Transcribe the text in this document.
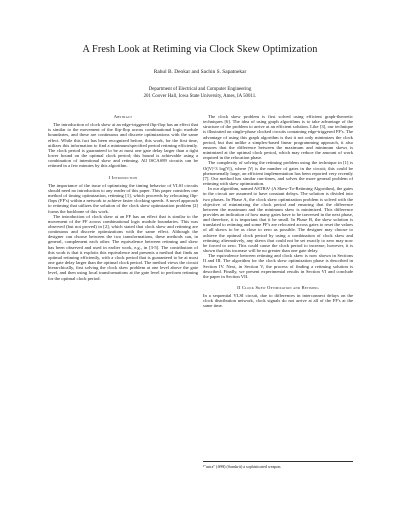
A Fresh Look at Retiming via Clock Skew Optimization
Rahul B. Deokar and Sachin S. Sapatnekar
Department of Electrical and Computer Engineering
201 Coover Hall, Iowa State University, Ames, IA 50011.
Abstract

The introduction of clock skew at an edge-triggered flip-flop has an effect that is similar to the movement of the flip-flop across combinational logic module boundaries, and these are continuous and discrete optimizations with the same effect. While this fact has been recognized before, this work, for the first time, utilizes this information to find a minimum/specified period retiming efficiently. The clock period is guaranteed to be at most one gate delay larger than a tight lower bound on the optimal clock period; this bound is achievable using a combination of intentional skew and retiming. All ISCAS89 circuits can be retimed in a few minutes by this algorithm.

I Introduction

The importance of the issue of optimizing the timing behavior of VLSI circuits should need no introduction to any reader of this paper. This paper considers one method of timing optimization, retiming [1], which proceeds by relocating flip-flops (FF's) within a network to achieve faster clocking speeds. A novel approach to retiming that utilizes the solution of the clock skew optimization problem [2] forms the backbone of this work.

The introduction of clock skew at an FF has an effect that is similar to the movement of the FF across combinational logic module boundaries. This was observed (but not proved) in [2], which stated that clock skew and retiming are continuous and discrete optimizations with the same effect. Although the designer can choose between the two transformations, these methods can, in general, complement each other. The equivalence between retiming and skew has been observed and used in earlier work, e.g., in [3-5]. The contribution of this work is that it exploits this equivalence and presents a method that finds an optimal retiming efficiently, with a clock period that is guaranteed to be at most one gate delay larger than the optimal clock period. The method views the circuit hierarchically, first solving the clock skew problem at one level above the gate level, and then using local transformations at the gate level to perform retiming for the optimal clock period.

The clock skew problem is first solved using efficient graph-theoretic techniques [6]. The idea of using graph algorithms is to take advantage of the structure of the problem to arrive at an efficient solution. Like [3], our technique is illustrated on single-phase clocked circuits containing edge-triggered FF's. The advantage of using this graph algorithm is that it not only minimizes the clock period, but that unlike a simplex-based linear programming approach, it also ensures that the difference between the maximum and minimum skews is minimized at the optimal clock period, which may reduce the amount of work required in the relocation phase.

The complexity of solving the retiming problem using the technique in [1] is O(|V|^3 log|V|), where |V| is the number of gates in the circuit; this could be phenomenally large, an efficient implementation has been reported very recently [7]. Our method has similar run-times, and solves the more general problem of retiming with skew optimization.

In our algorithm, named ASTRA¹ (A Skew-To-Retiming Algorithm), the gates in the circuit are assumed to have constant delays. The solution is divided into two phases. In Phase A, the clock skew optimization problem is solved with the objective of minimizing the clock period and ensuring that the difference between the maximum and the minimum skew is minimized. This difference provides an indication of how many gates have to be traversed in the next phase, and therefore, it is important that it be small. In Phase B, the skew solution is translated to retiming and some FF's are relocated across gates to reset the values of all skews to be as close to zero as possible. The designer may choose to achieve the optimal clock period by using a combination of clock skew and retiming; alternatively, any skews that could not be set exactly to zero may now be forced to zero. This could cause the clock period to increase; however, it is shown that this increase will be no greater than one gate delay.

The equivalence between retiming and clock skew is now shown in Sections II and III. The algorithm for the clock skew optimization phase is described in Section IV. Next, in Section V, the process of finding a retiming solution is described. Finally, we present experimental results in Section VI and conclude the paper in Section VII.

II Clock Skew Optimization and Retiming

In a sequential VLSI circuit, due to differences in interconnect delays on the clock distribution network, clock signals do not arrive at all of the FF's at the same time.

¹"astra" (अस्त्र) (Sanskrit) a sophisticated weapon.
